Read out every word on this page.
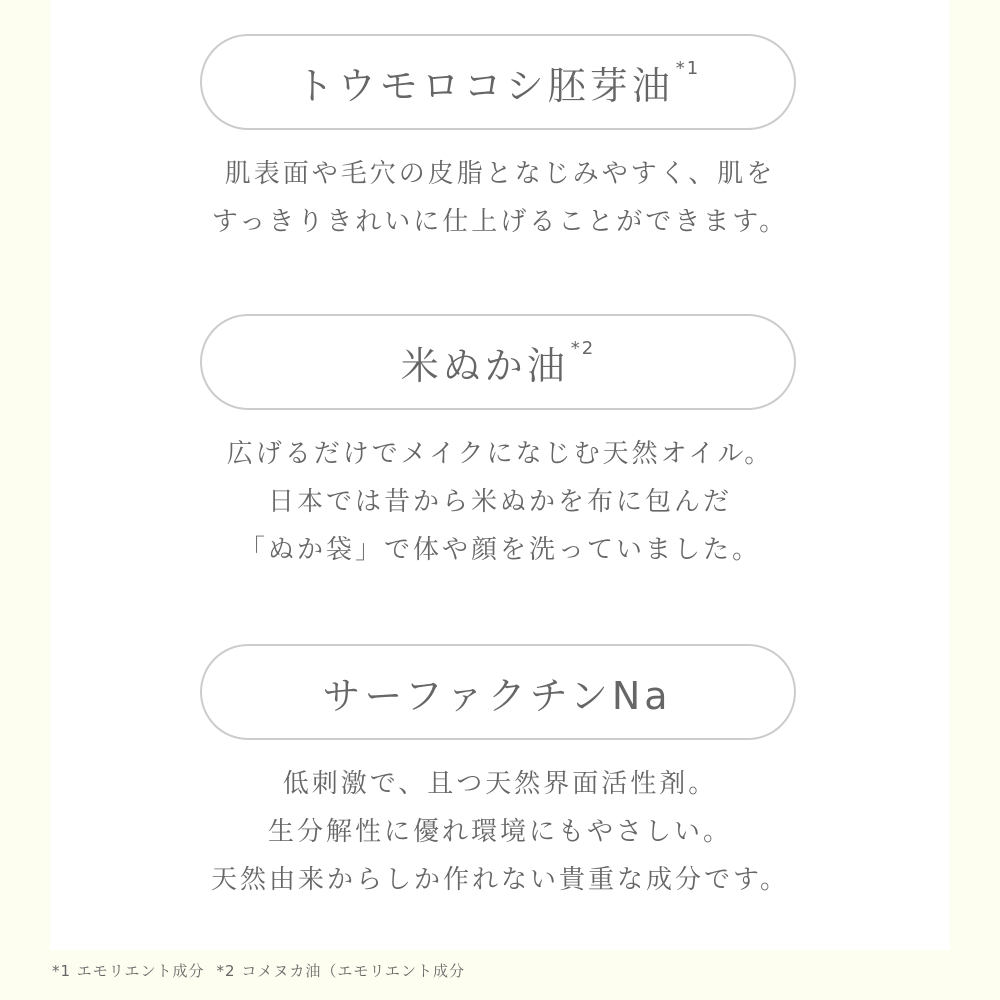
トウモロコシ胚芽油 *1
肌表面や毛穴の皮脂となじみやすく、肌を
すっきりきれいに仕上げることができます。
米ぬか油 *2
広げるだけでメイクになじむ天然オイル。
日本では昔から米ぬかを布に包んだ
「ぬか袋」で体や顔を洗っていました。
サーファクチンNa
低刺激で、且つ天然界面活性剤。
生分解性に優れ環境にもやさしい。
天然由来からしか作れない貴重な成分です。
*1 エモリエント成分 *2 コメヌカ油（エモリエント成分
